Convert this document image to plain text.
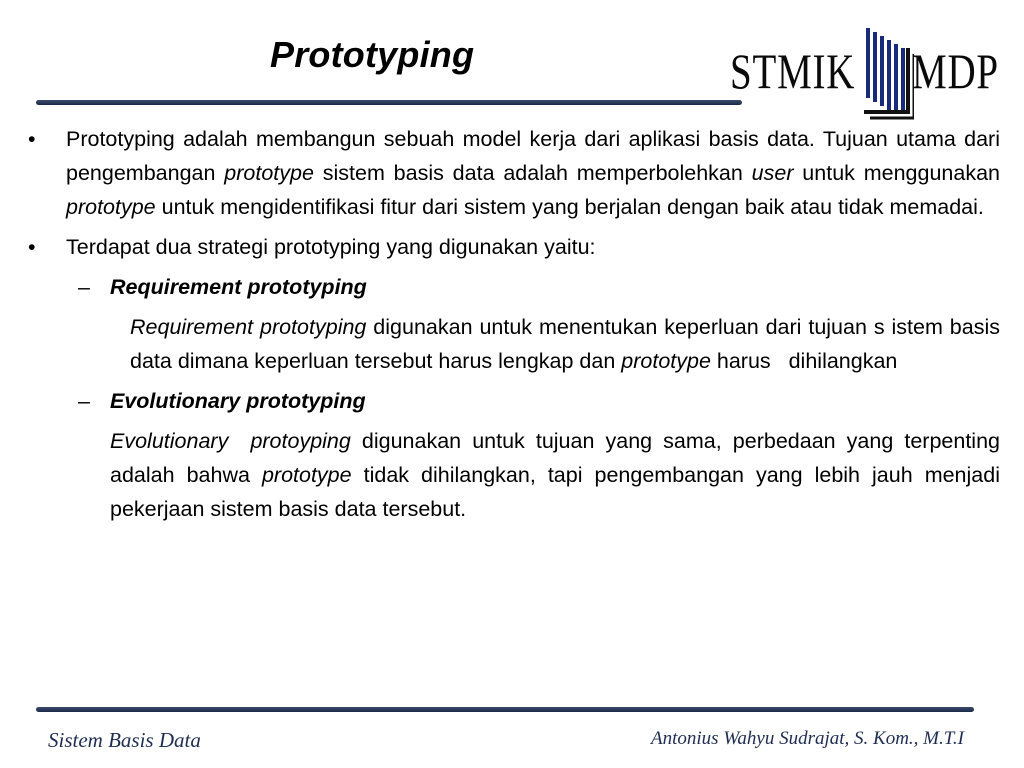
Prototyping	STMIK MDP
•	Prototyping adalah membangun sebuah model kerja dari aplikasi basis data. Tujuan utama dari pengembangan prototype sistem basis data adalah memperbolehkan user untuk menggunakan prototype untuk mengidentifikasi fitur dari sistem yang berjalan dengan baik atau tidak memadai.
•	Terdapat dua strategi prototyping yang digunakan yaitu:
– Requirement prototyping
Requirement prototyping digunakan untuk menentukan keperluan dari tujuan s istem basis data dimana keperluan tersebut harus lengkap dan prototype harus   dihilangkan
– Evolutionary prototyping
Evolutionary  protoyping digunakan untuk tujuan yang sama, perbedaan yang terpenting adalah bahwa prototype tidak dihilangkan, tapi pengembangan yang lebih jauh menjadi pekerjaan sistem basis data tersebut.
Sistem Basis Data	Antonius Wahyu Sudrajat, S. Kom., M.T.I
